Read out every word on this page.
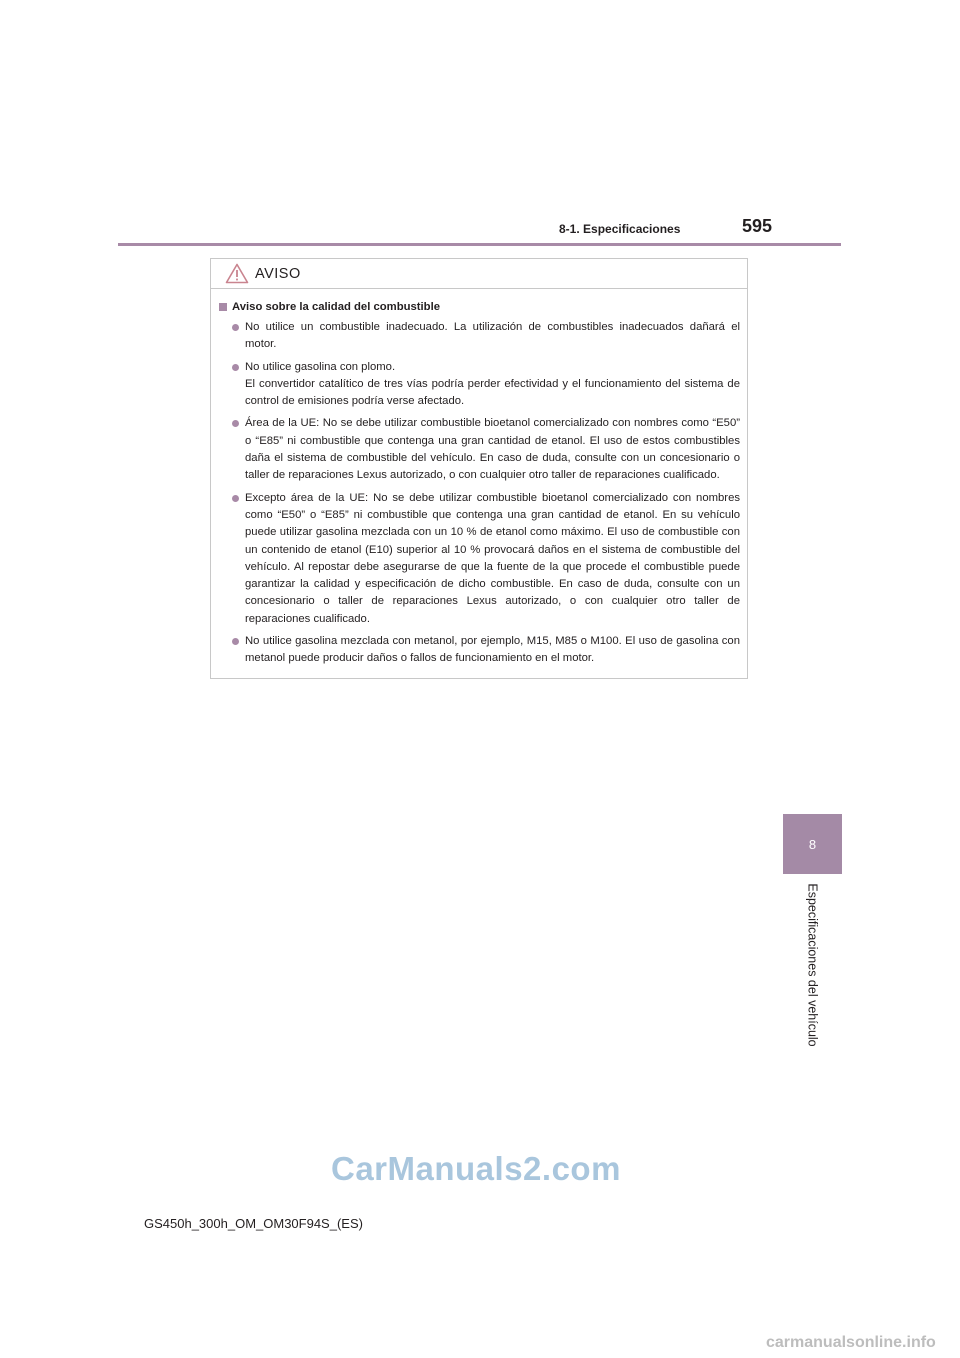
8-1. Especificaciones	595
8
Especificaciones del vehículo
AVISO
Aviso sobre la calidad del combustible
No utilice un combustible inadecuado. La utilización de combustibles inadecuados dañará el motor.
No utilice gasolina con plomo.
El convertidor catalítico de tres vías podría perder efectividad y el funcionamiento del sistema de control de emisiones podría verse afectado.
Área de la UE: No se debe utilizar combustible bioetanol comercializado con nombres como “E50” o “E85” ni combustible que contenga una gran cantidad de etanol. El uso de estos combustibles daña el sistema de combustible del vehículo. En caso de duda, consulte con un concesionario o taller de reparaciones Lexus autorizado, o con cualquier otro taller de reparaciones cualificado.
Excepto área de la UE: No se debe utilizar combustible bioetanol comercializado con nombres como “E50” o “E85” ni combustible que contenga una gran cantidad de etanol. En su vehículo puede utilizar gasolina mezclada con un 10 % de etanol como máximo. El uso de combustible con un contenido de etanol (E10) superior al 10 % provocará daños en el sistema de combustible del vehículo. Al repostar debe asegurarse de que la fuente de la que procede el combustible puede garantizar la calidad y especificación de dicho combustible. En caso de duda, consulte con un concesionario o taller de reparaciones Lexus autorizado, o con cualquier otro taller de reparaciones cualificado.
No utilice gasolina mezclada con metanol, por ejemplo, M15, M85 o M100. El uso de gasolina con metanol puede producir daños o fallos de funcionamiento en el motor.
CarManuals2.com
GS450h_300h_OM_OM30F94S_(ES)
carmanualsonline.info
